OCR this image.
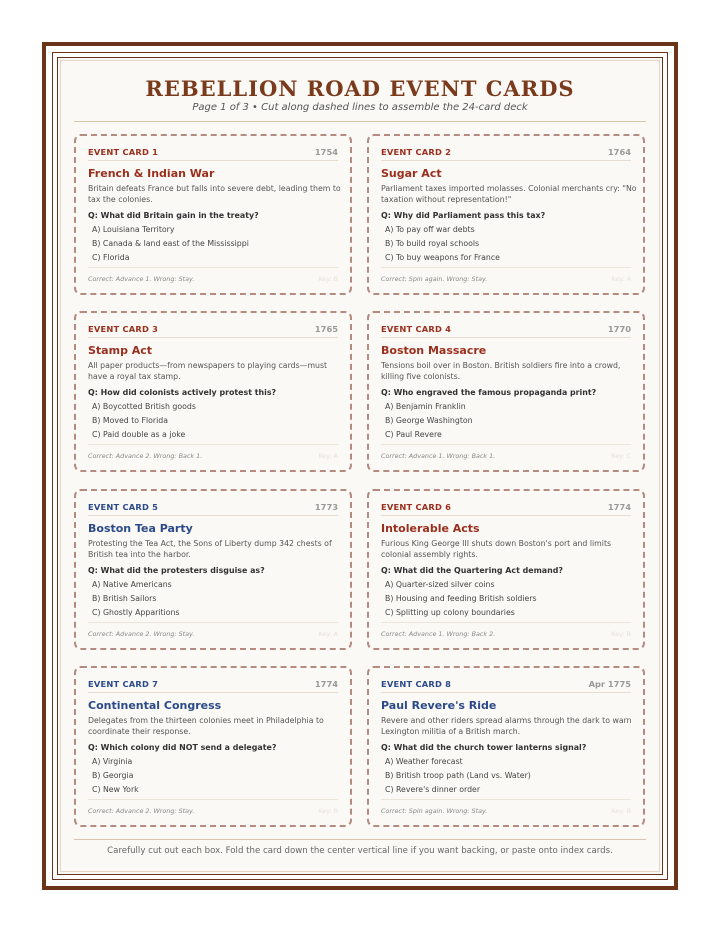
REBELLION ROAD EVENT CARDS
Page 1 of 3 • Cut along dashed lines to assemble the 24-card deck
EVENT CARD 1	1754
French & Indian War
Britain defeats France but falls into severe debt, leading them to tax the colonies.
Q: What did Britain gain in the treaty?
A) Louisiana Territory
B) Canada & land east of the Mississippi
C) Florida
Correct: Advance 1. Wrong: Stay.	Key: B
EVENT CARD 2	1764
Sugar Act
Parliament taxes imported molasses. Colonial merchants cry: "No taxation without representation!"
Q: Why did Parliament pass this tax?
A) To pay off war debts
B) To build royal schools
C) To buy weapons for France
Correct: Spin again. Wrong: Stay.	Key: A
EVENT CARD 3	1765
Stamp Act
All paper products—from newspapers to playing cards—must have a royal tax stamp.
Q: How did colonists actively protest this?
A) Boycotted British goods
B) Moved to Florida
C) Paid double as a joke
Correct: Advance 2. Wrong: Back 1.	Key: A
EVENT CARD 4	1770
Boston Massacre
Tensions boil over in Boston. British soldiers fire into a crowd, killing five colonists.
Q: Who engraved the famous propaganda print?
A) Benjamin Franklin
B) George Washington
C) Paul Revere
Correct: Advance 1. Wrong: Back 1.	Key: C
EVENT CARD 5	1773
Boston Tea Party
Protesting the Tea Act, the Sons of Liberty dump 342 chests of British tea into the harbor.
Q: What did the protesters disguise as?
A) Native Americans
B) British Sailors
C) Ghostly Apparitions
Correct: Advance 2. Wrong: Stay.	Key: A
EVENT CARD 6	1774
Intolerable Acts
Furious King George III shuts down Boston's port and limits colonial assembly rights.
Q: What did the Quartering Act demand?
A) Quarter-sized silver coins
B) Housing and feeding British soldiers
C) Splitting up colony boundaries
Correct: Advance 1. Wrong: Back 2.	Key: B
EVENT CARD 7	1774
Continental Congress
Delegates from the thirteen colonies meet in Philadelphia to coordinate their response.
Q: Which colony did NOT send a delegate?
A) Virginia
B) Georgia
C) New York
Correct: Advance 2. Wrong: Stay.	Key: B
EVENT CARD 8	Apr 1775
Paul Revere's Ride
Revere and other riders spread alarms through the dark to warn Lexington militia of a British march.
Q: What did the church tower lanterns signal?
A) Weather forecast
B) British troop path (Land vs. Water)
C) Revere's dinner order
Correct: Spin again. Wrong: Stay.	Key: B
Carefully cut out each box. Fold the card down the center vertical line if you want backing, or paste onto index cards.
